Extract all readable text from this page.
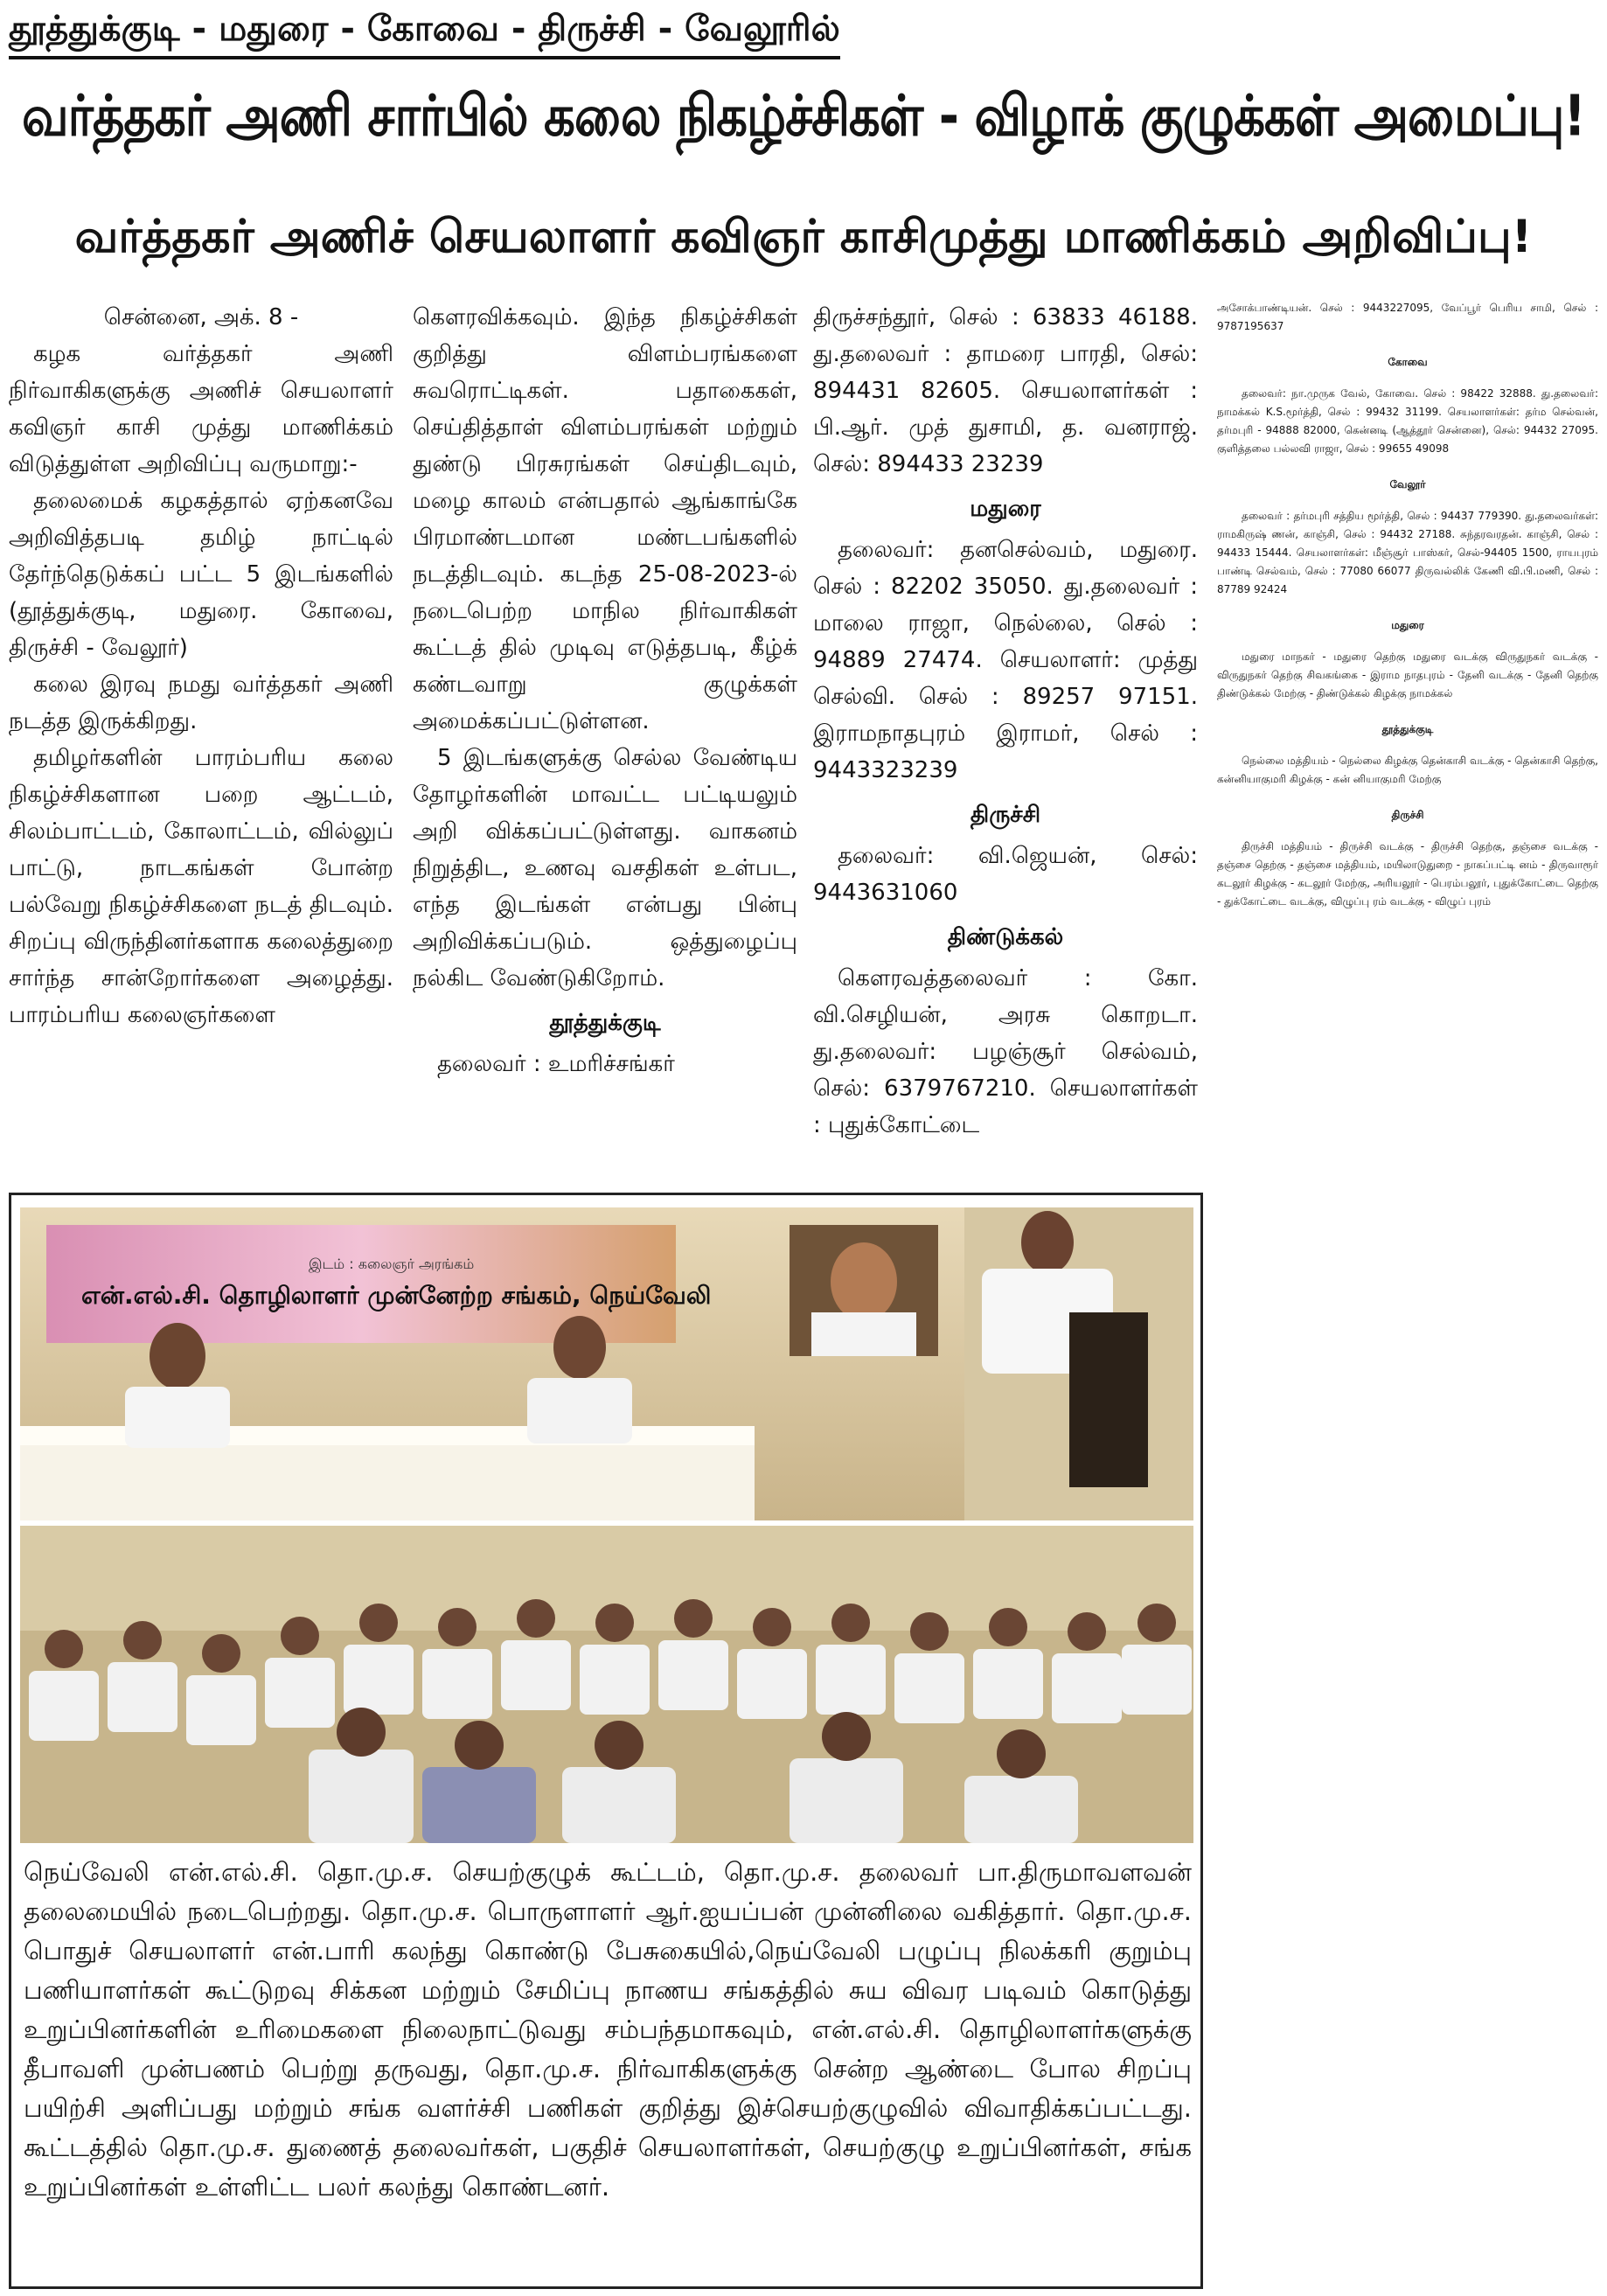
தூத்துக்குடி - மதுரை - கோவை - திருச்சி - வேலூரில்
வர்த்தகர் அணி சார்பில் கலை நிகழ்ச்சிகள் - விழாக் குழுக்கள் அமைப்பு!
வர்த்தகர் அணிச் செயலாளர் கவிஞர் காசிமுத்து மாணிக்கம் அறிவிப்பு!

சென்னை, அக். 8 -

கழக வர்த்தகர் அணி நிர்வாகிகளுக்கு அணிச் செயலாளர் கவிஞர் காசி முத்து மாணிக்கம் விடுத்துள்ள அறிவிப்பு வருமாறு:-

தலைமைக் கழகத்தால் ஏற்கனவே அறிவித்தபடி தமிழ் நாட்டில் தேர்ந்தெடுக்கப் பட்ட 5 இடங்களில் (தூத்துக்குடி, மதுரை. கோவை, திருச்சி - வேலூர்)

கலை இரவு நமது வர்த்தகர் அணி நடத்த இருக்கிறது.

தமிழர்களின் பாரம்பரிய கலை நிகழ்ச்சிகளான பறை ஆட்டம், சிலம்பாட்டம், கோலாட்டம், வில்லுப் பாட்டு, நாடகங்கள் போன்ற பல்வேறு நிகழ்ச்சிகளை நடத் திடவும். சிறப்பு விருந்தினர்களாக கலைத்துறை சார்ந்த சான்றோர்களை அழைத்து. பாரம்பரிய கலைஞர்களை

கௌரவிக்கவும். இந்த நிகழ்ச்சிகள் குறித்து விளம்பரங்களை சுவரொட்டிகள். பதாகைகள், செய்தித்தாள் விளம்பரங்கள் மற்றும் துண்டு பிரசுரங்கள் செய்திடவும், மழை காலம் என்பதால் ஆங்காங்கே பிரமாண்டமான மண்டபங்களில் நடத்திடவும். கடந்த 25-08-2023-ல் நடைபெற்ற மாநில நிர்வாகிகள் கூட்டத் தில் முடிவு எடுத்தபடி, கீழ்க் கண்டவாறு குழுக்கள் அமைக்கப்பட்டுள்ளன.

5 இடங்களுக்கு செல்ல வேண்டிய தோழர்களின் மாவட்ட பட்டியலும் அறி விக்கப்பட்டுள்ளது. வாகனம் நிறுத்திட, உணவு வசதிகள் உள்பட, எந்த இடங்கள் என்பது பின்பு அறிவிக்கப்படும். ஒத்துழைப்பு நல்கிட வேண்டுகிறோம்.

தூத்துக்குடி

தலைவர் : உமரிச்சங்கர்

திருச்சந்தூர், செல் : 63833 46188. து.தலைவர் : தாமரை பாரதி, செல்: 894431 82605. செயலாளர்கள் : பி.ஆர். முத் துசாமி, த. வனராஜ். செல்: 894433 23239

மதுரை

தலைவர்: தனசெல்வம், மதுரை. செல் : 82202 35050. து.தலைவர் : மாலை ராஜா, நெல்லை, செல் : 94889 27474. செயலாளர்: முத்து செல்வி. செல் : 89257 97151. இராமநாதபுரம் இராமர், செல் : 9443323239

திருச்சி

தலைவர்: வி.ஜெயன், செல்: 9443631060

திண்டுக்கல்

கௌரவத்தலைவர் : கோ. வி.செழியன், அரசு கொறடா. து.தலைவர்: பழஞ்சூர் செல்வம், செல்: 6379767210. செயலாளர்கள் : புதுக்கோட்டை

அசோக்பாண்டியன். செல் : 9443227095, வேப்பூர் பெரிய சாமி, செல் : 9787195637

கோவை

தலைவர்: நா.முருக வேல், கோவை. செல் : 98422 32888. து.தலைவர்: நாமக்கல் K.S.மூர்த்தி, செல் : 99432 31199. செயலாளர்கள்: தர்ம செல்வன், தர்மபுரி - 94888 82000, கென்னடி (ஆத்தூர் சென்னை), செல்: 94432 27095. குளித்தலை பல்லவி ராஜா, செல் : 99655 49098

வேலூர்

தலைவர் : தர்மபுரி சத்திய மூர்த்தி, செல் : 94437 779390. து.தலைவர்கள்: ராமகிருஷ் ணன், காஞ்சி, செல் : 94432 27188. சுந்தரவரதன். காஞ்சி, செல் : 94433 15444. செயலாளர்கள்: மீஞ்சூர் பாஸ்கர், செல்-94405 1500, ராயபுரம் பாண்டி செல்வம், செல் : 77080 66077 திருவல்லிக் கேணி வி.பி.மணி, செல் : 87789 92424

மதுரை

மதுரை மாநகர் - மதுரை தெற்கு மதுரை வடக்கு விருதுநகர் வடக்கு - விருதுநகர் தெற்கு சிவகங்கை - இராம நாதபுரம் - தேனி வடக்கு - தேனி தெற்கு திண்டுக்கல் மேற்கு - திண்டுக்கல் கிழக்கு நாமக்கல்

தூத்துக்குடி

நெல்லை மத்தியம் - நெல்லை கிழக்கு தென்காசி வடக்கு - தென்காசி தெற்கு, கன்னியாகுமரி கிழக்கு - கன் னியாகுமரி மேற்கு

திருச்சி

திருச்சி மத்தியம் - திருச்சி வடக்கு - திருச்சி தெற்கு, தஞ்சை வடக்கு - தஞ்சை தெற்கு - தஞ்சை மத்தியம், மயிலாடுதுறை - நாகப்பட்டி னம் - திருவாரூர் கடலூர் கிழக்கு - கடலூர் மேற்கு, அரியலூர் - பெரம்பலூர், புதுக்கோட்டை தெற்கு - துக்கோட்டை வடக்கு, விழுப்பு ரம் வடக்கு - விழுப் புரம்

இடம் : கலைஞர் அரங்கம்
என்.எல்.சி. தொழிலாளர் முன்னேற்ற சங்கம், நெய்வேலி
நெய்வேலி என்.எல்.சி. தொ.மு.ச. செயற்குழுக் கூட்டம், தொ.மு.ச. தலைவர் பா.திருமாவளவன் தலைமையில் நடைபெற்றது. தொ.மு.ச. பொருளாளர் ஆர்.ஐயப்பன் முன்னிலை வகித்தார். தொ.மு.ச. பொதுச் செயலாளர் என்.பாரி கலந்து கொண்டு பேசுகையில்,நெய்வேலி பழுப்பு நிலக்கரி குறும்பு பணியாளர்கள் கூட்டுறவு சிக்கன மற்றும் சேமிப்பு நாணய சங்கத்தில் சுய விவர படிவம் கொடுத்து உறுப்பினர்களின் உரிமைகளை நிலைநாட்டுவது சம்பந்தமாகவும், என்.எல்.சி. தொழிலாளர்களுக்கு தீபாவளி முன்பணம் பெற்று தருவது, தொ.மு.ச. நிர்வாகிகளுக்கு சென்ற ஆண்டை போல சிறப்பு பயிற்சி அளிப்பது மற்றும் சங்க வளர்ச்சி பணிகள் குறித்து இச்செயற்குழுவில் விவாதிக்கப்பட்டது. கூட்டத்தில் தொ.மு.ச. துணைத் தலைவர்கள், பகுதிச் செயலாளர்கள், செயற்குழு உறுப்பினர்கள், சங்க உறுப்பினர்கள் உள்ளிட்ட பலர் கலந்து கொண்டனர்.
